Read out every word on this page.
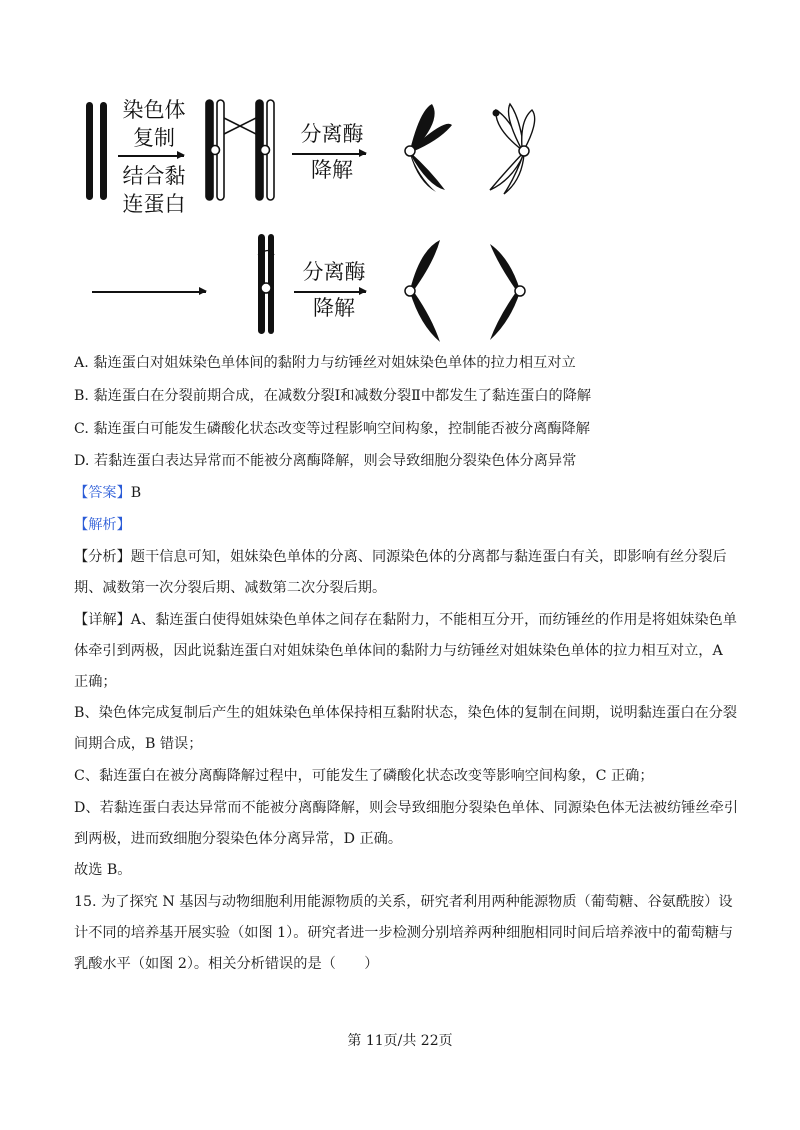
染色体
复制
结合黏
连蛋白
分离酶
降解
分离酶
降解
A. 黏连蛋白对姐妹染色单体间的黏附力与纺锤丝对姐妹染色单体的拉力相互对立
B. 黏连蛋白在分裂前期合成，在减数分裂Ⅰ和减数分裂Ⅱ中都发生了黏连蛋白的降解
C. 黏连蛋白可能发生磷酸化状态改变等过程影响空间构象，控制能否被分离酶降解
D. 若黏连蛋白表达异常而不能被分离酶降解，则会导致细胞分裂染色体分离异常
【答案】B
【解析】
【分析】题干信息可知，姐妹染色单体的分离、同源染色体的分离都与黏连蛋白有关，即影响有丝分裂后
期、减数第一次分裂后期、减数第二次分裂后期。
【详解】A、黏连蛋白使得姐妹染色单体之间存在黏附力，不能相互分开，而纺锤丝的作用是将姐妹染色单
体牵引到两极，因此说黏连蛋白对姐妹染色单体间的黏附力与纺锤丝对姐妹染色单体的拉力相互对立，A
正确；
B、染色体完成复制后产生的姐妹染色单体保持相互黏附状态，染色体的复制在间期，说明黏连蛋白在分裂
间期合成，B 错误；
C、黏连蛋白在被分离酶降解过程中，可能发生了磷酸化状态改变等影响空间构象，C 正确；
D、若黏连蛋白表达异常而不能被分离酶降解，则会导致细胞分裂染色单体、同源染色体无法被纺锤丝牵引
到两极，进而致细胞分裂染色体分离异常，D 正确。
故选 B。
15. 为了探究 N 基因与动物细胞利用能源物质的关系，研究者利用两种能源物质（葡萄糖、谷氨酰胺）设
计不同的培养基开展实验（如图 1）。研究者进一步检测分别培养两种细胞相同时间后培养液中的葡萄糖与
乳酸水平（如图 2）。相关分析错误的是（　　）
第 11页/共 22页
